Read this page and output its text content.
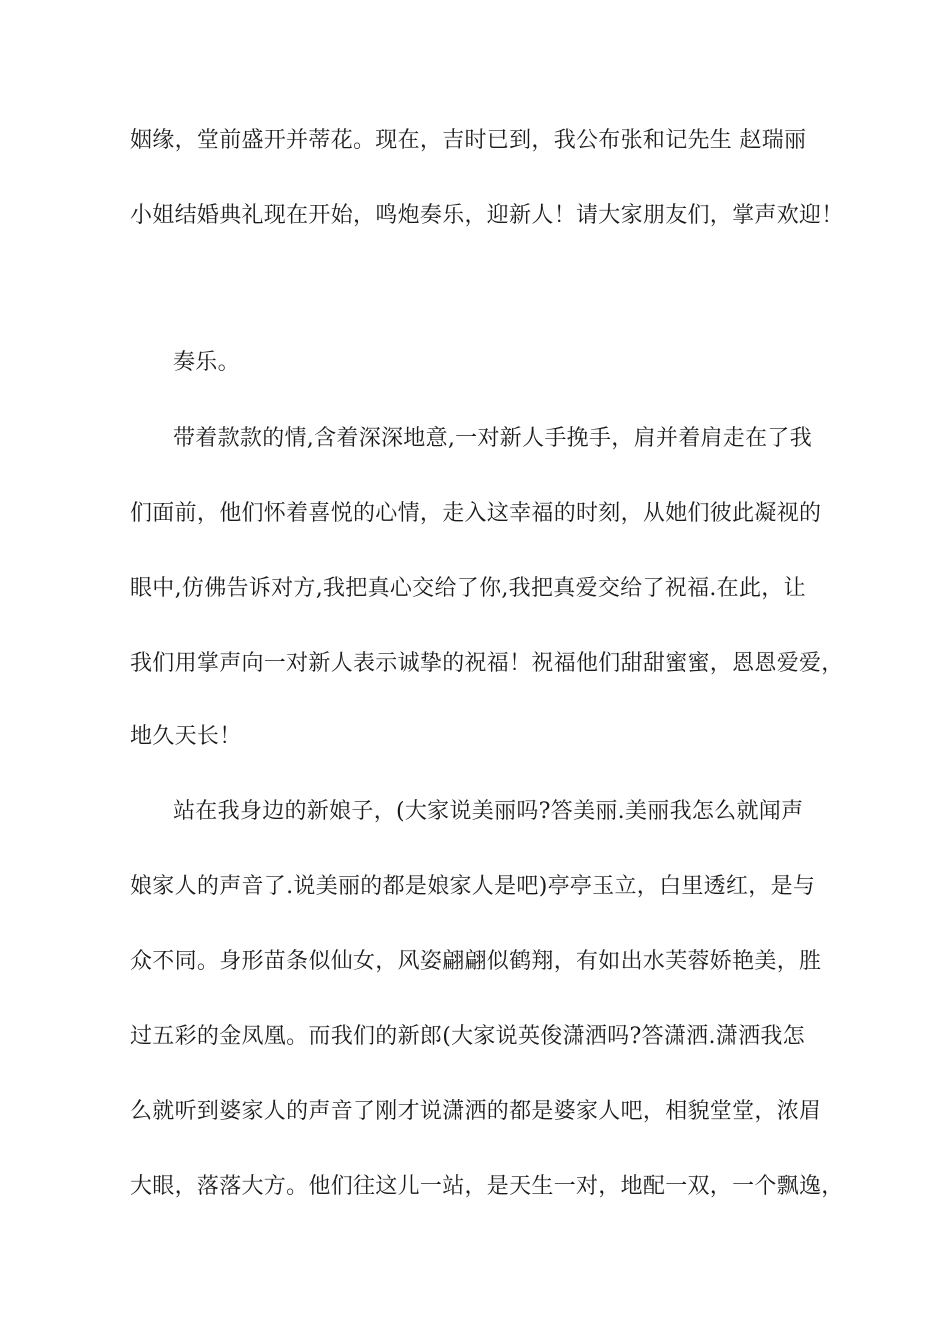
姻缘，堂前盛开并蒂花。现在，吉时已到，我公布张和记先生 赵瑞丽
小姐结婚典礼现在开始，鸣炮奏乐，迎新人！请大家朋友们，掌声欢迎！
奏乐。
带着款款的情,含着深深地意,一对新人手挽手，肩并着肩走在了我
们面前，他们怀着喜悦的心情，走入这幸福的时刻，从她们彼此凝视的
眼中,仿佛告诉对方,我把真心交给了你,我把真爱交给了祝福.在此，让
我们用掌声向一对新人表示诚挚的祝福！祝福他们甜甜蜜蜜，恩恩爱爱，
地久天长！
站在我身边的新娘子，(大家说美丽吗?答美丽.美丽我怎么就闻声
娘家人的声音了.说美丽的都是娘家人是吧)亭亭玉立，白里透红，是与
众不同。身形苗条似仙女，风姿翩翩似鹤翔，有如出水芙蓉娇艳美，胜
过五彩的金凤凰。而我们的新郎(大家说英俊潇洒吗?答潇洒.潇洒我怎
么就听到婆家人的声音了刚才说潇洒的都是婆家人吧，相貌堂堂，浓眉
大眼，落落大方。他们往这儿一站，是天生一对，地配一双，一个飘逸，
